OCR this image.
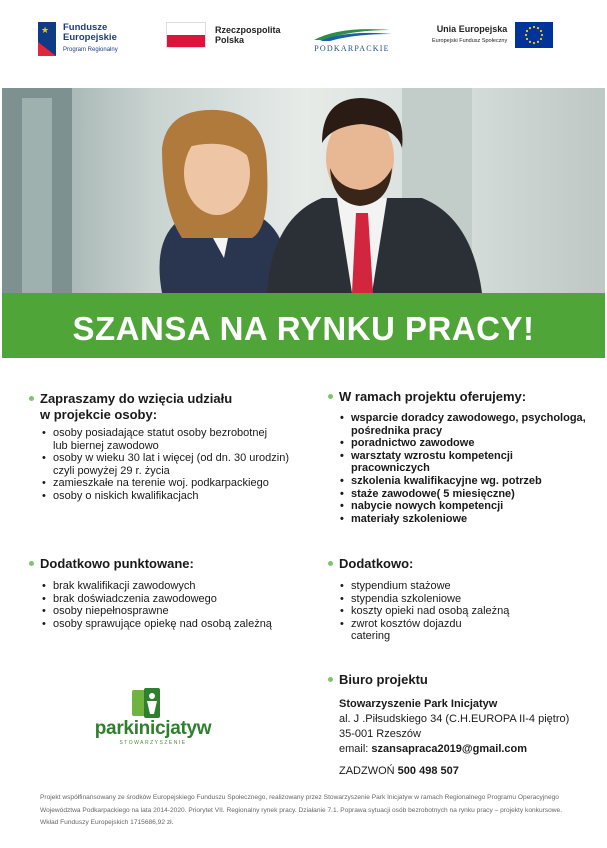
★ Fundusze
Europejskie
Program Regionalny
Rzeczpospolita
Polska
PODKARPACKIE
Unia Europejska
Europejski Fundusz Społeczny
SZANSA NA RYNKU PRACY!
Zapraszamy do wzięcia udziału
w projekcie osoby:
• osoby posiadające statut osoby bezrobotnej
lub biernej zawodowo
• osoby w wieku 30 lat i więcej (od dn. 30 urodzin)
czyli powyżej 29 r. życia
• zamieszkałe na terenie woj. podkarpackiego
• osoby o niskich kwalifikacjach
W ramach projektu oferujemy:
• wsparcie doradcy zawodowego, psychologa,
pośrednika pracy
• poradnictwo zawodowe
• warsztaty wzrostu kompetencji
pracowniczych
• szkolenia kwalifikacyjne wg. potrzeb
• staże zawodowe( 5 miesięczne)
• nabycie nowych kompetencji
• materiały szkoleniowe
Dodatkowo punktowane:
• brak kwalifikacji zawodowych
• brak doświadczenia zawodowego
• osoby niepełnosprawne
• osoby sprawujące opiekę nad osobą zależną
Dodatkowo:
• stypendium stażowe
• stypendia szkoleniowe
• koszty opieki nad osobą zależną
• zwrot kosztów dojazdu
catering
Biuro projektu
Stowarzyszenie Park Inicjatyw
al. J .Piłsudskiego 34 (C.H.EUROPA II-4 piętro)
35-001 Rzeszów
email: szansapraca2019@gmail.com
ZADZWOŃ 500 498 507
parkinicjatyw
STOWARZYSZENIE
Projekt współfinansowany ze środków Europejskiego Funduszu Społecznego, realizowany przez Stowarzyszenie Park Inicjatyw w ramach Regionalnego Programu Operacyjnego Województwa Podkarpackiego na lata 2014-2020. Priorytet VII. Regionalny rynek pracy. Działanie 7.1. Poprawa sytuacji osób bezrobotnych na rynku pracy – projekty konkursowe. Wkład Funduszy Europejskich 1715686,92 zł.
